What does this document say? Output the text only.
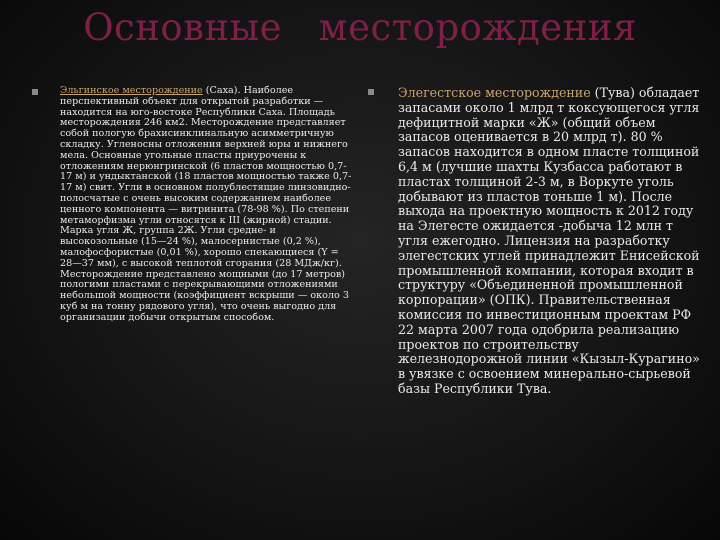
Основные   месторождения
Эльгинское месторождение (Саха). Наиболее перспективный объект для открытой разработки — находится на юго-востоке Республики Саха. Площадь месторождения 246 км2. Месторождение представляет собой пологую брахисинклинальную асимметричную складку. Угленосны отложения верхней юры и нижнего мела. Основные угольные пласты приурочены к отложениям нерюнгринской (6 пластов мощностью 0,7-17 м) и ундыктанской (18 пластов мощностью также 0,7-17 м) свит. Угли в основном полублестящие линзовидно-полосчатые с очень высоким содержанием наиболее ценного компонента — витринита (78-98 %). По степени метаморфизма угли относятся к III (жирной) стадии. Марка угля Ж, группа 2Ж. Угли средне- и высокозольные (15—24 %), малосернистые (0,2 %), малофосфористые (0,01 %), хорошо спекающиеся (Y = 28—37 мм), с высокой теплотой сгорания (28 МДж/кг). Месторождение представлено мощными (до 17 метров) пологими пластами с перекрывающими отложениями небольшой мощности (коэффициент вскрыши — около 3 куб м на тонну рядового угля), что очень выгодно для организации добычи открытым способом.
Элегестское месторождение (Тува) обладает запасами около 1 млрд т коксующегося угля дефицитной марки «Ж» (общий объем запасов оценивается в 20 млрд т). 80 % запасов находится в одном пласте толщиной 6,4 м (лучшие шахты Кузбасса работают в пластах толщиной 2-3 м, в Воркуте уголь добывают из пластов тоньше 1 м). После выхода на проектную мощность к 2012 году на Элегесте ожидается -добыча 12 млн т угля ежегодно. Лицензия на разработку элегестских углей принадлежит Енисейской промышленной компании, которая входит в структуру «Объединенной промышленной корпорации» (ОПК). Правительственная комиссия по инвестиционным проектам РФ 22 марта 2007 года одобрила реализацию проектов по строительству железнодорожной линии «Кызыл-Курагино» в увязке с освоением минерально-сырьевой базы Республики Тува.
